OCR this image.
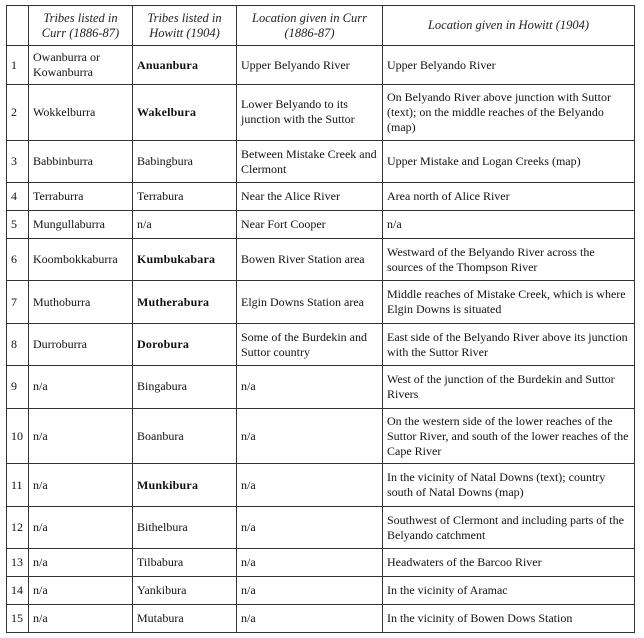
	Tribes listed in Curr (1886-87)	Tribes listed in Howitt (1904)	Location given in Curr (1886-87)	Location given in Howitt (1904)
1	Owanburra or Kowanburra	Anuanbura	Upper Belyando River	Upper Belyando River
2	Wokkelburra	Wakelbura	Lower Belyando to its junction with the Suttor	On Belyando River above junction with Suttor (text); on the middle reaches of the Belyando (map)
3	Babbinburra	Babingbura	Between Mistake Creek and Clermont	Upper Mistake and Logan Creeks (map)
4	Terraburra	Terrabura	Near the Alice River	Area north of Alice River
5	Mungullaburra	n/a	Near Fort Cooper	n/a
6	Koombokkaburra	Kumbukabara	Bowen River Station area	Westward of the Belyando River across the sources of the Thompson River
7	Muthoburra	Mutherabura	Elgin Downs Station area	Middle reaches of Mistake Creek, which is where Elgin Downs is situated
8	Durroburra	Dorobura	Some of the Burdekin and Suttor country	East side of the Belyando River above its junction with the Suttor River
9	n/a	Bingabura	n/a	West of the junction of the Burdekin and Suttor Rivers
10	n/a	Boanbura	n/a	On the western side of the lower reaches of the Suttor River, and south of the lower reaches of the Cape River
11	n/a	Munkibura	n/a	In the vicinity of Natal Downs (text); country south of Natal Downs (map)
12	n/a	Bithelbura	n/a	Southwest of Clermont and including parts of the Belyando catchment
13	n/a	Tilbabura	n/a	Headwaters of the Barcoo River
14	n/a	Yankibura	n/a	In the vicinity of Aramac
15	n/a	Mutabura	n/a	In the vicinity of Bowen Dows Station
